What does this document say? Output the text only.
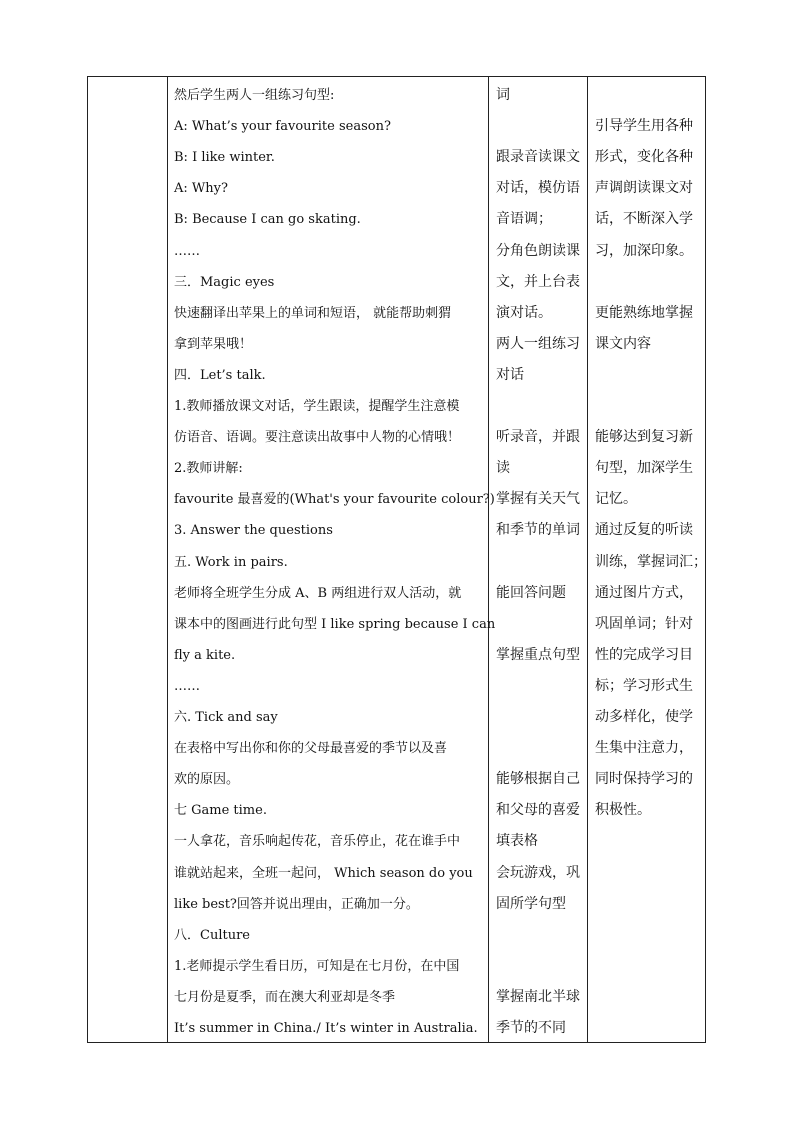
然后学生两人一组练习句型:
A: What’s your favourite season?
B: I like winter.
A: Why?
B: Because I can go skating.
……
三．Magic eyes
快速翻译出苹果上的单词和短语， 就能帮助刺猬
拿到苹果哦！
四．Let’s talk.
1.教师播放课文对话，学生跟读，提醒学生注意模
仿语音、语调。要注意读出故事中人物的心情哦！
2.教师讲解:
favourite 最喜爱的(What's your favourite colour?)
3. Answer the questions
五. Work in pairs.
老师将全班学生分成 A、B 两组进行双人活动，就
课本中的图画进行此句型 I like spring because I can
fly a kite.
……
六. Tick and say
在表格中写出你和你的父母最喜爱的季节以及喜
欢的原因。
七 Game time.
一人拿花，音乐响起传花，音乐停止，花在谁手中
谁就站起来，全班一起问， Which season do you
like best?回答并说出理由，正确加一分。
八．Culture
1.老师提示学生看日历，可知是在七月份，在中国
七月份是夏季，而在澳大利亚却是冬季
It’s summer in China./ It’s winter in Australia.
词
跟录音读课文
对话，模仿语
音语调；
分角色朗读课
文，并上台表
演对话。
两人一组练习
对话
听录音，并跟
读
掌握有关天气
和季节的单词
能回答问题
掌握重点句型
能够根据自己
和父母的喜爱
填表格
会玩游戏，巩
固所学句型
掌握南北半球
季节的不同
引导学生用各种
形式，变化各种
声调朗读课文对
话，不断深入学
习，加深印象。
更能熟练地掌握
课文内容
能够达到复习新
句型，加深学生
记忆。
通过反复的听读
训练，掌握词汇；
通过图片方式，
巩固单词；针对
性的完成学习目
标；学习形式生
动多样化，使学
生集中注意力，
同时保持学习的
积极性。
